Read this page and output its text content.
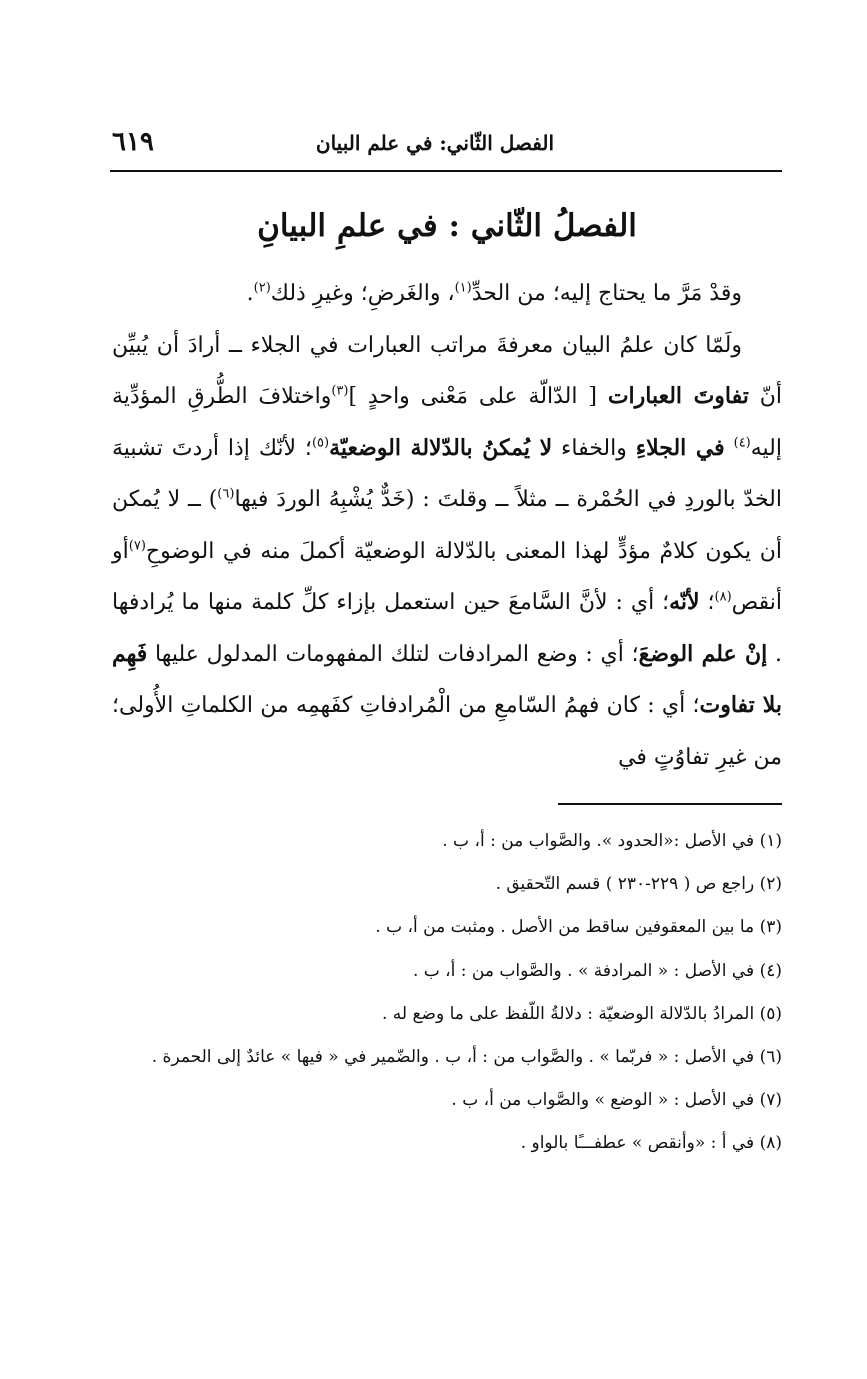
٦١٩	الفصل الثّاني: في علم البيان
الفصلُ الثّاني : في علمِ البيانِ

وقدْ مَرَّ ما يحتاج إليه؛ من الحدِّ$^{(١)}$، والغَرضِ؛ وغيرِ ذلك$^{(٢)}$.

ولَمّا كان علمُ البيان معرفةَ مراتب العبارات في الجلاء ــ أرادَ أن يُبيِّن أنّ تفاوتَ العبارات [ الدّالّة على مَعْنى واحدٍ ]$^{(٣)}$واختلافَ الطُّرقِ المؤدِّية إليه$^{(٤)}$ في الجلاءِ والخفاء لا يُمكنُ بالدّلالة الوضعيّة$^{(٥)}$؛ لأنّك إذا أردتَ تشبيهَ الخدّ بالوردِ في الحُمْرة ــ مثلاً ــ وقلتَ : (خَدٌّ يُشْبِهُ الوردَ فيها$^{(٦)}$) ــ لا يُمكن أن يكون كلامٌ مؤدٍّ لهذا المعنى بالدّلالة الوضعيّة أكملَ منه في الوضوحِ$^{(٧)}$أو أنقص$^{(٨)}$؛ لأنّه؛ أي : لأنَّ السَّامعَ حين استعمل بإزاء كلِّ كلمة منها ما يُرادفها . إنْ علم الوضعَ؛ أي : وضع المرادفات لتلك المفهومات المدلول عليها فَهِم بلا تفاوت؛ أي : كان فهمُ السّامعِ من الْمُرادفاتِ كفَهمِه من الكلماتِ الأُولى؛ من غيرِ تفاوُتٍ في

(١) في الأصل :«الحدود ». والصَّواب من : أ، ب .
(٢) راجع ص ( ٢٢٩-٢٣٠ ) قسم التّحقيق .
(٣) ما بين المعقوفين ساقط من الأصل . ومثبت من أ، ب .
(٤) في الأصل : « المرادفة » . والصَّواب من : أ، ب .
(٥) المرادُ بالدّلالة الوضعيّة : دلالةُ اللّفظ على ما وضع له .
(٦) في الأصل : « فربّما » . والصَّواب من : أ، ب . والضّمير في « فيها » عائدٌ إلى الحمرة .
(٧) في الأصل : « الوضع » والصَّواب من أ، ب .
(٨) في أ : «وأنقص » عطفـــًا بالواو .
